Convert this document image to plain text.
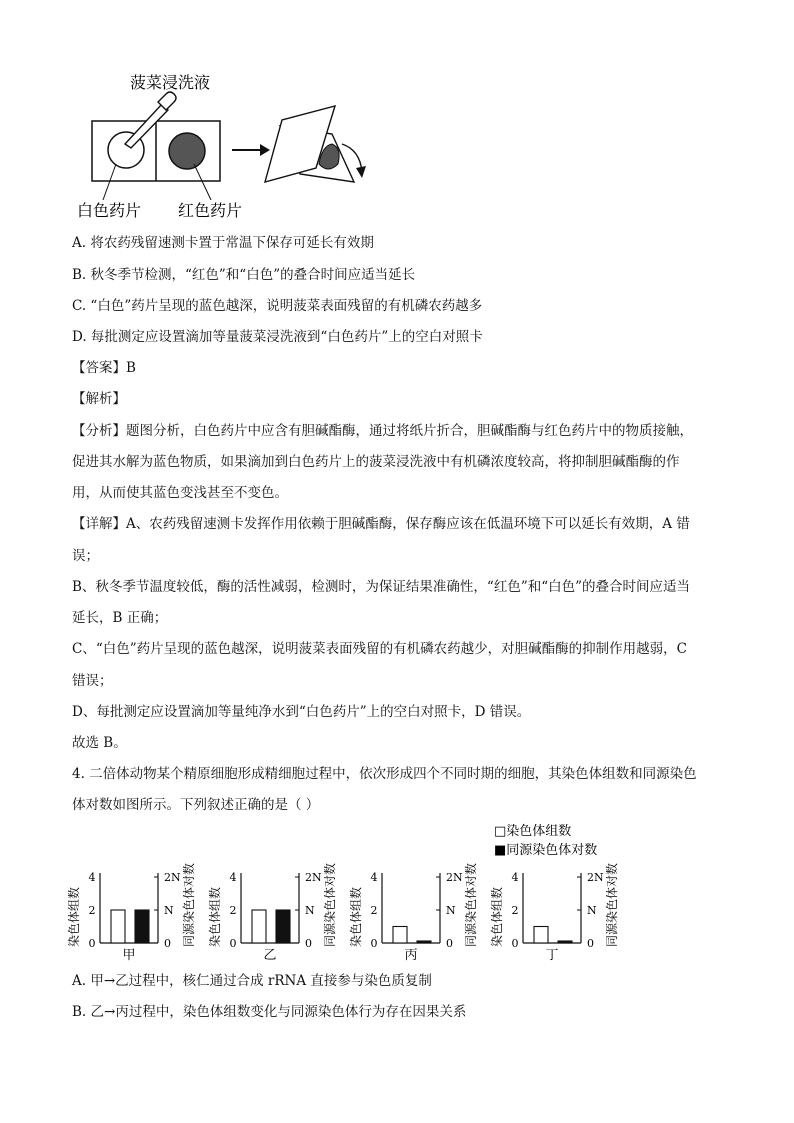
菠菜浸洗液
白色药片 红色药片
A. 将农药残留速测卡置于常温下保存可延长有效期
B. 秋冬季节检测，“红色”和“白色”的叠合时间应适当延长
C. “白色”药片呈现的蓝色越深，说明菠菜表面残留的有机磷农药越多
D. 每批测定应设置滴加等量菠菜浸洗液到“白色药片”上的空白对照卡
【答案】B
【解析】
【分析】题图分析，白色药片中应含有胆碱酯酶，通过将纸片折合，胆碱酯酶与红色药片中的物质接触，
促进其水解为蓝色物质，如果滴加到白色药片上的菠菜浸洗液中有机磷浓度较高，将抑制胆碱酯酶的作
用，从而使其蓝色变浅甚至不变色。
【详解】A、农药残留速测卡发挥作用依赖于胆碱酯酶，保存酶应该在低温环境下可以延长有效期，A 错
误；
B、秋冬季节温度较低，酶的活性减弱，检测时，为保证结果准确性，“红色”和“白色”的叠合时间应适当
延长，B 正确；
C、“白色”药片呈现的蓝色越深，说明菠菜表面残留的有机磷农药越少，对胆碱酯酶的抑制作用越弱，C
错误；
D、每批测定应设置滴加等量纯净水到“白色药片”上的空白对照卡，D 错误。
故选 B。
4. 二倍体动物某个精原细胞形成精细胞过程中，依次形成四个不同时期的细胞，其染色体组数和同源染色
体对数如图所示。下列叙述正确的是（ ）
□染色体组数
■同源染色体对数
染色体组数 0
2
4
0
N
2N 同源染色体对数
甲
染色体组数 0
2
4
0
N
2N 同源染色体对数
乙
染色体组数 0
2
4
0
N
2N 同源染色体对数
丙
染色体组数 0
2
4
0
N
2N 同源染色体对数
丁
A. 甲→乙过程中，核仁通过合成 rRNA 直接参与染色质复制
B. 乙→丙过程中，染色体组数变化与同源染色体行为存在因果关系
